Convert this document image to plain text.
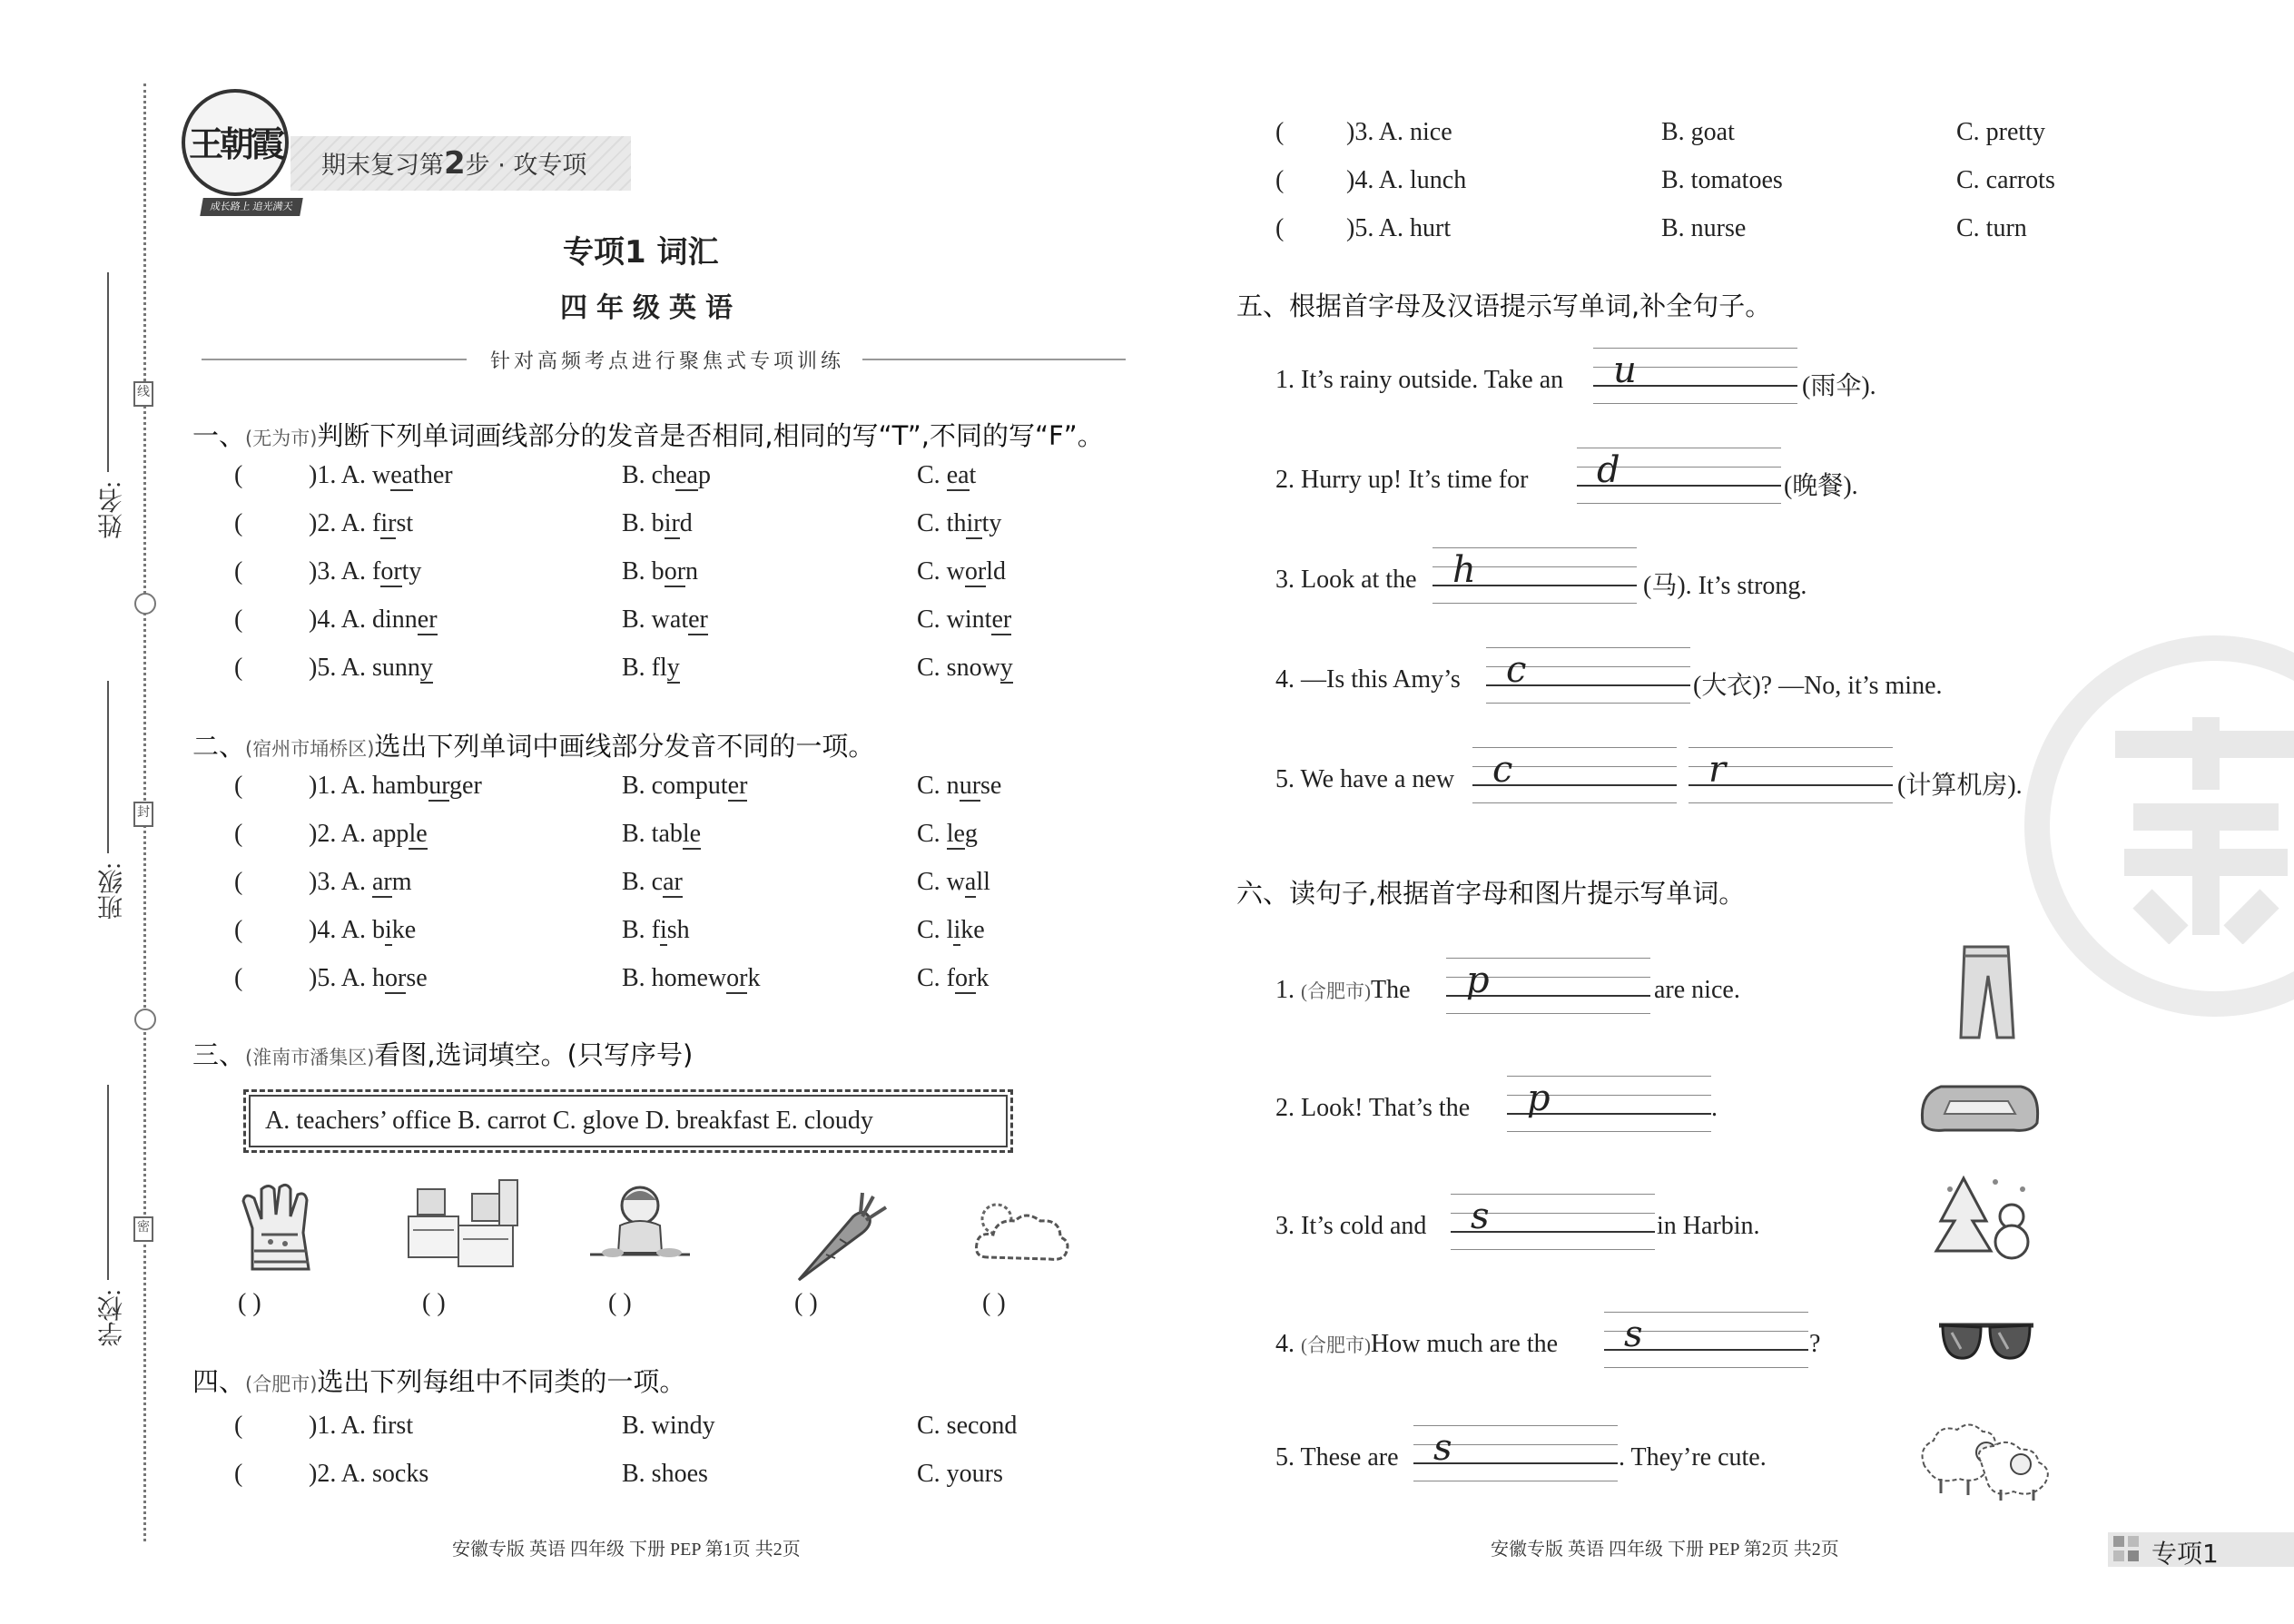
线
封
密
姓名:
班级:
学校:
王朝霞
成长路上 追光满天
期末复习第2步 · 攻专项
专项1 词汇
四年级英语
针对高频考点进行聚焦式专项训练
一、(无为市)判断下列单词画线部分的发音是否相同,相同的写“T”,不同的写“F”。
( )1. A. weather	B. cheap	C. eat
( )2. A. first	B. bird	C. thirty
( )3. A. forty	B. born	C. world
( )4. A. dinner	B. water	C. winter
( )5. A. sunny	B. fly	C. snowy
二、(宿州市埇桥区)选出下列单词中画线部分发音不同的一项。
( )1. A. hamburger	B. computer	C. nurse
( )2. A. apple	B. table	C. leg
( )3. A. arm	B. car	C. wall
( )4. A. bike	B. fish	C. like
( )5. A. horse	B. homework	C. fork
三、(淮南市潘集区)看图,选词填空。(只写序号)
A. teachers’ office B. carrot C. glove D. breakfast E. cloudy
( )	( )	( )	( )	( )
四、(合肥市)选出下列每组中不同类的一项。
( )1. A. first	B. windy	C. second
( )2. A. socks	B. shoes	C. yours
( )3. A. nice	B. goat	C. pretty
( )4. A. lunch	B. tomatoes	C. carrots
( )5. A. hurt	B. nurse	C. turn
五、根据首字母及汉语提示写单词,补全句子。
1. It’s rainy outside. Take an u	(雨伞).
2. Hurry up! It’s time for d	(晚餐).
3. Look at the h	(马). It’s strong.
4. —Is this Amy’s c	(大衣)? —No, it’s mine.
5. We have a new c	r	(计算机房).
六、读句子,根据首字母和图片提示写单词。
1. (合肥市)The p	are nice.
2. Look! That’s the p	.
3. It’s cold and s	in Harbin.
4. (合肥市)How much are the s	?
5. These are s	. They’re cute.
安徽专版 英语 四年级 下册 PEP 第1页 共2页	安徽专版 英语 四年级 下册 PEP 第2页 共2页	专项1
